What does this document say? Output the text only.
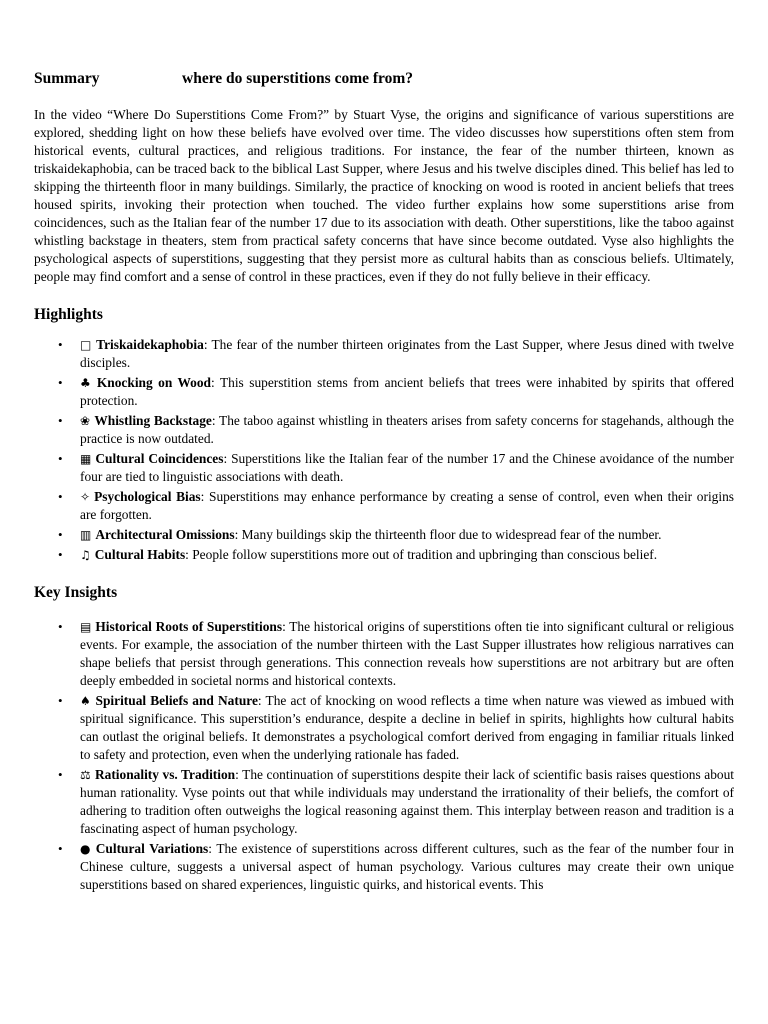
Summary	where do superstitions come from?

In the video “Where Do Superstitions Come From?” by Stuart Vyse, the origins and significance of various superstitions are explored, shedding light on how these beliefs have evolved over time. The video discusses how superstitions often stem from historical events, cultural practices, and religious traditions. For instance, the fear of the number thirteen, known as triskaidekaphobia, can be traced back to the biblical Last Supper, where Jesus and his twelve disciples dined. This belief has led to skipping the thirteenth floor in many buildings. Similarly, the practice of knocking on wood is rooted in ancient beliefs that trees housed spirits, invoking their protection when touched. The video further explains how some superstitions arise from coincidences, such as the Italian fear of the number 17 due to its association with death. Other superstitions, like the taboo against whistling backstage in theaters, stem from practical safety concerns that have since become outdated. Vyse also highlights the psychological aspects of superstitions, suggesting that they persist more as cultural habits than as conscious beliefs. Ultimately, people may find comfort and a sense of control in these practices, even if they do not fully believe in their efficacy.

Highlights
• □ Triskaidekaphobia: The fear of the number thirteen originates from the Last Supper, where Jesus dined with twelve disciples.
• ♣ Knocking on Wood: This superstition stems from ancient beliefs that trees were inhabited by spirits that offered protection.
• ❀ Whistling Backstage: The taboo against whistling in theaters arises from safety concerns for stagehands, although the practice is now outdated.
• ▦ Cultural Coincidences: Superstitions like the Italian fear of the number 17 and the Chinese avoidance of the number four are tied to linguistic associations with death.
• ✧ Psychological Bias: Superstitions may enhance performance by creating a sense of control, even when their origins are forgotten.
• ▥ Architectural Omissions: Many buildings skip the thirteenth floor due to widespread fear of the number.
• ♫ Cultural Habits: People follow superstitions more out of tradition and upbringing than conscious belief.
Key Insights
• ▤ Historical Roots of Superstitions: The historical origins of superstitions often tie into significant cultural or religious events. For example, the association of the number thirteen with the Last Supper illustrates how religious narratives can shape beliefs that persist through generations. This connection reveals how superstitions are not arbitrary but are often deeply embedded in societal norms and historical contexts.
• ♠ Spiritual Beliefs and Nature: The act of knocking on wood reflects a time when nature was viewed as imbued with spiritual significance. This superstition’s endurance, despite a decline in belief in spirits, highlights how cultural habits can outlast the original beliefs. It demonstrates a psychological comfort derived from engaging in familiar rituals linked to safety and protection, even when the underlying rationale has faded.
• ⚖ Rationality vs. Tradition: The continuation of superstitions despite their lack of scientific basis raises questions about human rationality. Vyse points out that while individuals may understand the irrationality of their beliefs, the comfort of adhering to tradition often outweighs the logical reasoning against them. This interplay between reason and tradition is a fascinating aspect of human psychology.
• ● Cultural Variations: The existence of superstitions across different cultures, such as the fear of the number four in Chinese culture, suggests a universal aspect of human psychology. Various cultures may create their own unique superstitions based on shared experiences, linguistic quirks, and historical events. This
